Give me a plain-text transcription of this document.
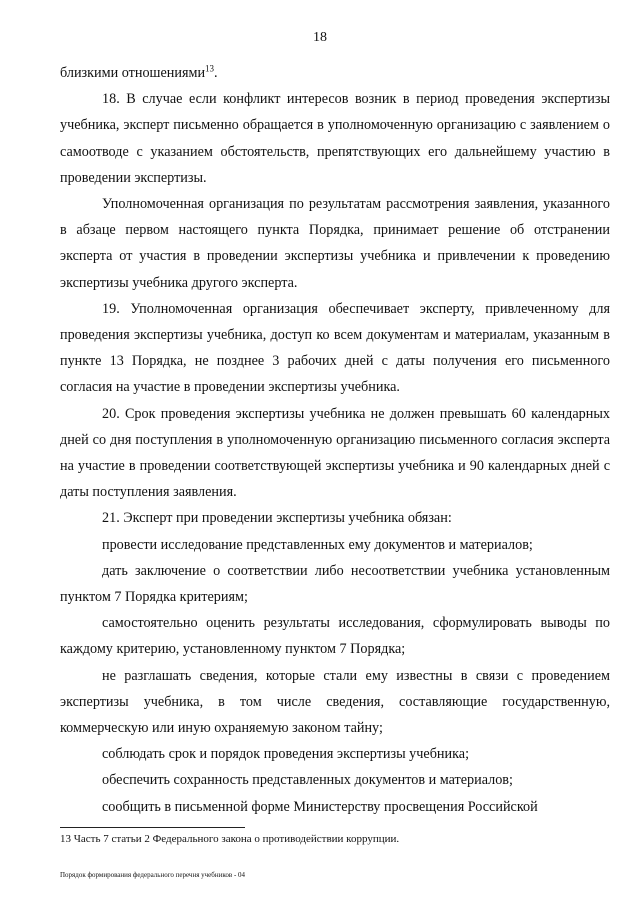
18

близкими отношениями$^{13}$.

18. В случае если конфликт интересов возник в период проведения экспертизы учебника, эксперт письменно обращается в уполномоченную организацию с заявлением о самоотводе с указанием обстоятельств, препятствующих его дальнейшему участию в проведении экспертизы.

Уполномоченная организация по результатам рассмотрения заявления, указанного в абзаце первом настоящего пункта Порядка, принимает решение об отстранении эксперта от участия в проведении экспертизы учебника и привлечении к проведению экспертизы учебника другого эксперта.

19. Уполномоченная организация обеспечивает эксперту, привлеченному для проведения экспертизы учебника, доступ ко всем документам и материалам, указанным в пункте 13 Порядка, не позднее 3 рабочих дней с даты получения его письменного согласия на участие в проведении экспертизы учебника.

20. Срок проведения экспертизы учебника не должен превышать 60 календарных дней со дня поступления в уполномоченную организацию письменного согласия эксперта на участие в проведении соответствующей экспертизы учебника и 90 календарных дней с даты поступления заявления.

21. Эксперт при проведении экспертизы учебника обязан:

провести исследование представленных ему документов и материалов;

дать заключение о соответствии либо несоответствии учебника установленным пунктом 7 Порядка критериям;

самостоятельно оценить результаты исследования, сформулировать выводы по каждому критерию, установленному пунктом 7 Порядка;

не разглашать сведения, которые стали ему известны в связи с проведением экспертизы учебника, в том числе сведения, составляющие государственную, коммерческую или иную охраняемую законом тайну;

соблюдать срок и порядок проведения экспертизы учебника;

обеспечить сохранность представленных документов и материалов;

сообщить в письменной форме Министерству просвещения Российской

13 Часть 7 статьи 2 Федерального закона о противодействии коррупции.
Порядок формирования федерального перечня учебников - 04
